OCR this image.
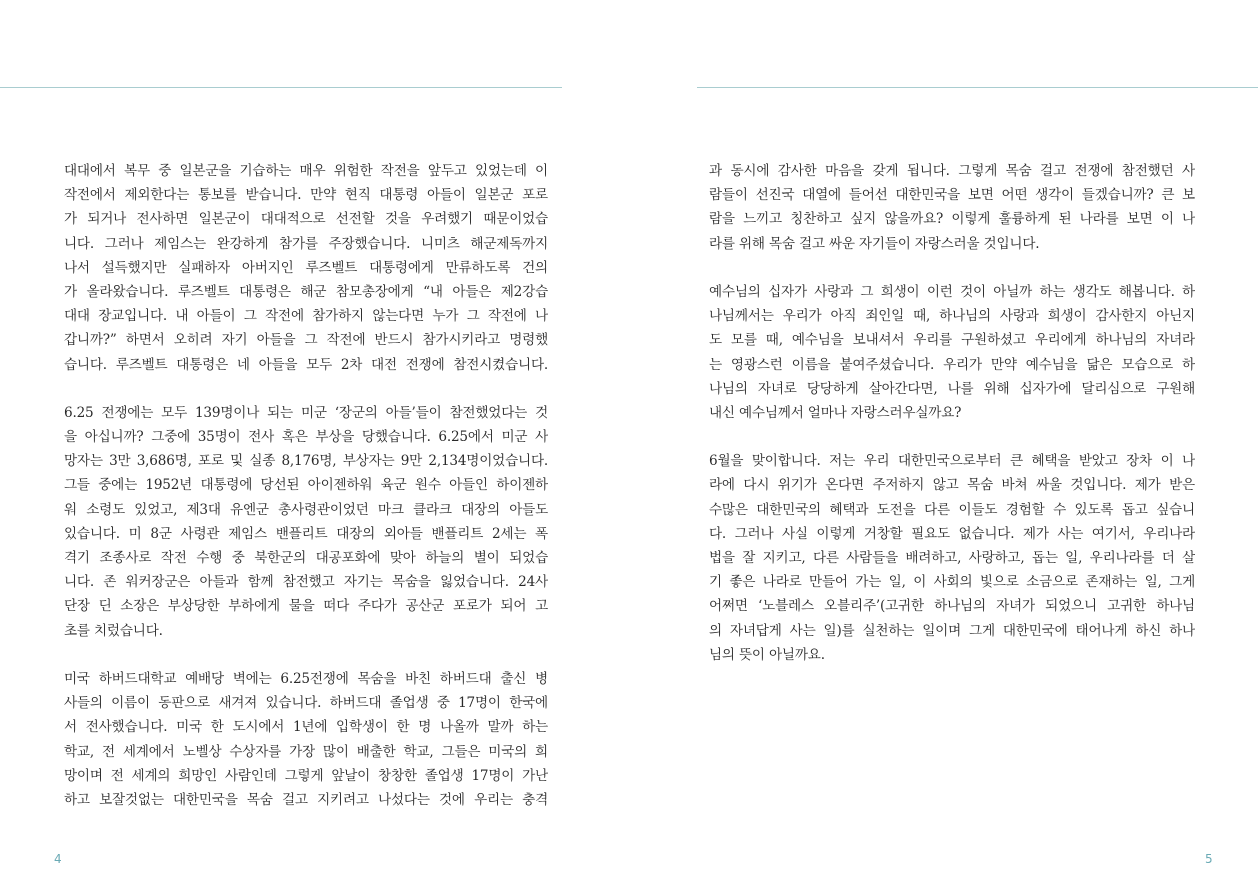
대대에서 복무 중 일본군을 기습하는 매우 위험한 작전을 앞두고 있었는데 이
작전에서 제외한다는 통보를 받습니다. 만약 현직 대통령 아들이 일본군 포로
가 되거나 전사하면 일본군이 대대적으로 선전할 것을 우려했기 때문이었습
니다. 그러나 제임스는 완강하게 참가를 주장했습니다. 니미츠 해군제독까지
나서 설득했지만 실패하자 아버지인 루즈벨트 대통령에게 만류하도록 건의
가 올라왔습니다. 루즈벨트 대통령은 해군 참모총장에게 “내 아들은 제2강습
대대 장교입니다. 내 아들이 그 작전에 참가하지 않는다면 누가 그 작전에 나
갑니까?” 하면서 오히려 자기 아들을 그 작전에 반드시 참가시키라고 명령했
습니다. 루즈벨트 대통령은 네 아들을 모두 2차 대전 전쟁에 참전시켰습니다.
6.25 전쟁에는 모두 139명이나 되는 미군 ‘장군의 아들’들이 참전했었다는 것
을 아십니까? 그중에 35명이 전사 혹은 부상을 당했습니다. 6.25에서 미군 사
망자는 3만 3,686명, 포로 및 실종 8,176명, 부상자는 9만 2,134명이었습니다.
그들 중에는 1952년 대통령에 당선된 아이젠하워 육군 원수 아들인 하이젠하
워 소령도 있었고, 제3대 유엔군 총사령관이었던 마크 클라크 대장의 아들도
있습니다. 미 8군 사령관 제임스 밴플리트 대장의 외아들 밴플리트 2세는 폭
격기 조종사로 작전 수행 중 북한군의 대공포화에 맞아 하늘의 별이 되었습
니다. 존 워커장군은 아들과 함께 참전했고 자기는 목숨을 잃었습니다. 24사
단장 딘 소장은 부상당한 부하에게 물을 떠다 주다가 공산군 포로가 되어 고
초를 치렀습니다.
미국 하버드대학교 예배당 벽에는 6.25전쟁에 목숨을 바친 하버드대 출신 병
사들의 이름이 동판으로 새겨져 있습니다. 하버드대 졸업생 중 17명이 한국에
서 전사했습니다. 미국 한 도시에서 1년에 입학생이 한 명 나올까 말까 하는
학교, 전 세계에서 노벨상 수상자를 가장 많이 배출한 학교, 그들은 미국의 희
망이며 전 세계의 희망인 사람인데 그렇게 앞날이 창창한 졸업생 17명이 가난
하고 보잘것없는 대한민국을 목숨 걸고 지키려고 나섰다는 것에 우리는 충격
과 동시에 감사한 마음을 갖게 됩니다. 그렇게 목숨 걸고 전쟁에 참전했던 사
람들이 선진국 대열에 들어선 대한민국을 보면 어떤 생각이 들겠습니까? 큰 보
람을 느끼고 칭찬하고 싶지 않을까요? 이렇게 훌륭하게 된 나라를 보면 이 나
라를 위해 목숨 걸고 싸운 자기들이 자랑스러울 것입니다.
예수님의 십자가 사랑과 그 희생이 이런 것이 아닐까 하는 생각도 해봅니다. 하
나님께서는 우리가 아직 죄인일 때, 하나님의 사랑과 희생이 감사한지 아닌지
도 모를 때, 예수님을 보내셔서 우리를 구원하셨고 우리에게 하나님의 자녀라
는 영광스런 이름을 붙여주셨습니다. 우리가 만약 예수님을 닮은 모습으로 하
나님의 자녀로 당당하게 살아간다면, 나를 위해 십자가에 달리심으로 구원해
내신 예수님께서 얼마나 자랑스러우실까요?
6월을 맞이합니다. 저는 우리 대한민국으로부터 큰 혜택을 받았고 장차 이 나
라에 다시 위기가 온다면 주저하지 않고 목숨 바쳐 싸울 것입니다. 제가 받은
수많은 대한민국의 혜택과 도전을 다른 이들도 경험할 수 있도록 돕고 싶습니
다. 그러나 사실 이렇게 거창할 필요도 없습니다. 제가 사는 여기서, 우리나라
법을 잘 지키고, 다른 사람들을 배려하고, 사랑하고, 돕는 일, 우리나라를 더 살
기 좋은 나라로 만들어 가는 일, 이 사회의 빛으로 소금으로 존재하는 일, 그게
어쩌면 ‘노블레스 오블리주’(고귀한 하나님의 자녀가 되었으니 고귀한 하나님
의 자녀답게 사는 일)를 실천하는 일이며 그게 대한민국에 태어나게 하신 하나
님의 뜻이 아닐까요.
4	5
